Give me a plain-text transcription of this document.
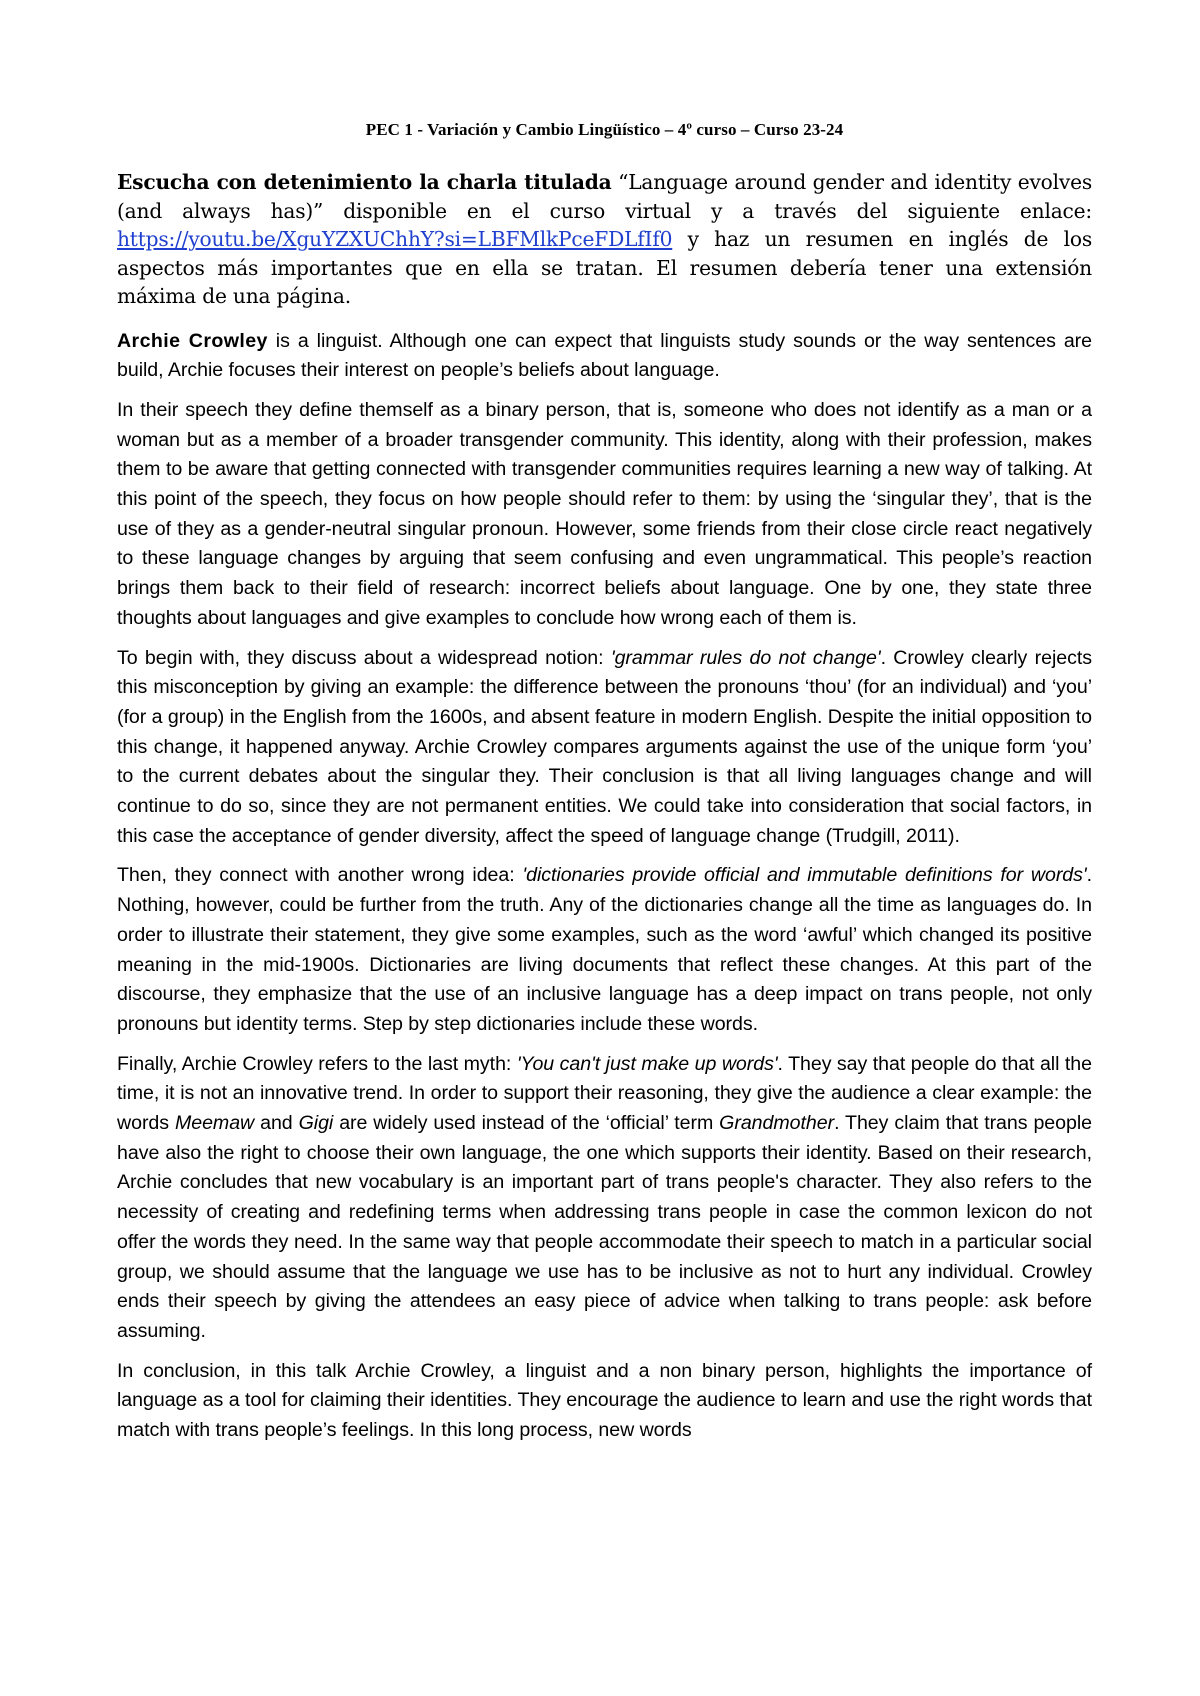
PEC 1 - Variación y Cambio Lingüístico – 4º curso – Curso 23-24

Escucha con detenimiento la charla titulada “Language around gender and identity evolves (and always has)” disponible en el curso virtual y a través del siguiente enlace: https://youtu.be/XguYZXUChhY?si=LBFMlkPceFDLfIf0 y haz un resumen en inglés de los aspectos más importantes que en ella se tratan. El resumen debería tener una extensión máxima de una página.

Archie Crowley is a linguist. Although one can expect that linguists study sounds or the way sentences are build, Archie focuses their interest on people’s beliefs about language.

In their speech they define themself as a binary person, that is, someone who does not identify as a man or a woman but as a member of a broader transgender community. This identity, along with their profession, makes them to be aware that getting connected with transgender communities requires learning a new way of talking. At this point of the speech, they focus on how people should refer to them: by using the ‘singular they’, that is the use of they as a gender-neutral singular pronoun. However, some friends from their close circle react negatively to these language changes by arguing that seem confusing and even ungrammatical. This people’s reaction brings them back to their field of research: incorrect beliefs about language. One by one, they state three thoughts about languages and give examples to conclude how wrong each of them is.

To begin with, they discuss about a widespread notion: 'grammar rules do not change'. Crowley clearly rejects this misconception by giving an example: the difference between the pronouns ‘thou’ (for an individual) and ‘you’ (for a group) in the English from the 1600s, and absent feature in modern English. Despite the initial opposition to this change, it happened anyway. Archie Crowley compares arguments against the use of the unique form ‘you’ to the current debates about the singular they. Their conclusion is that all living languages change and will continue to do so, since they are not permanent entities. We could take into consideration that social factors, in this case the acceptance of gender diversity, affect the speed of language change (Trudgill, 2011).

Then, they connect with another wrong idea: 'dictionaries provide official and immutable definitions for words'. Nothing, however, could be further from the truth. Any of the dictionaries change all the time as languages do. In order to illustrate their statement, they give some examples, such as the word ‘awful’ which changed its positive meaning in the mid-1900s. Dictionaries are living documents that reflect these changes. At this part of the discourse, they emphasize that the use of an inclusive language has a deep impact on trans people, not only pronouns but identity terms. Step by step dictionaries include these words.

Finally, Archie Crowley refers to the last myth: 'You can't just make up words'. They say that people do that all the time, it is not an innovative trend. In order to support their reasoning, they give the audience a clear example: the words Meemaw and Gigi are widely used instead of the ‘official’ term Grandmother. They claim that trans people have also the right to choose their own language, the one which supports their identity. Based on their research, Archie concludes that new vocabulary is an important part of trans people's character. They also refers to the necessity of creating and redefining terms when addressing trans people in case the common lexicon do not offer the words they need. In the same way that people accommodate their speech to match in a particular social group, we should assume that the language we use has to be inclusive as not to hurt any individual. Crowley ends their speech by giving the attendees an easy piece of advice when talking to trans people: ask before assuming.

In conclusion, in this talk Archie Crowley, a linguist and a non binary person, highlights the importance of language as a tool for claiming their identities. They encourage the audience to learn and use the right words that match with trans people’s feelings. In this long process, new words
